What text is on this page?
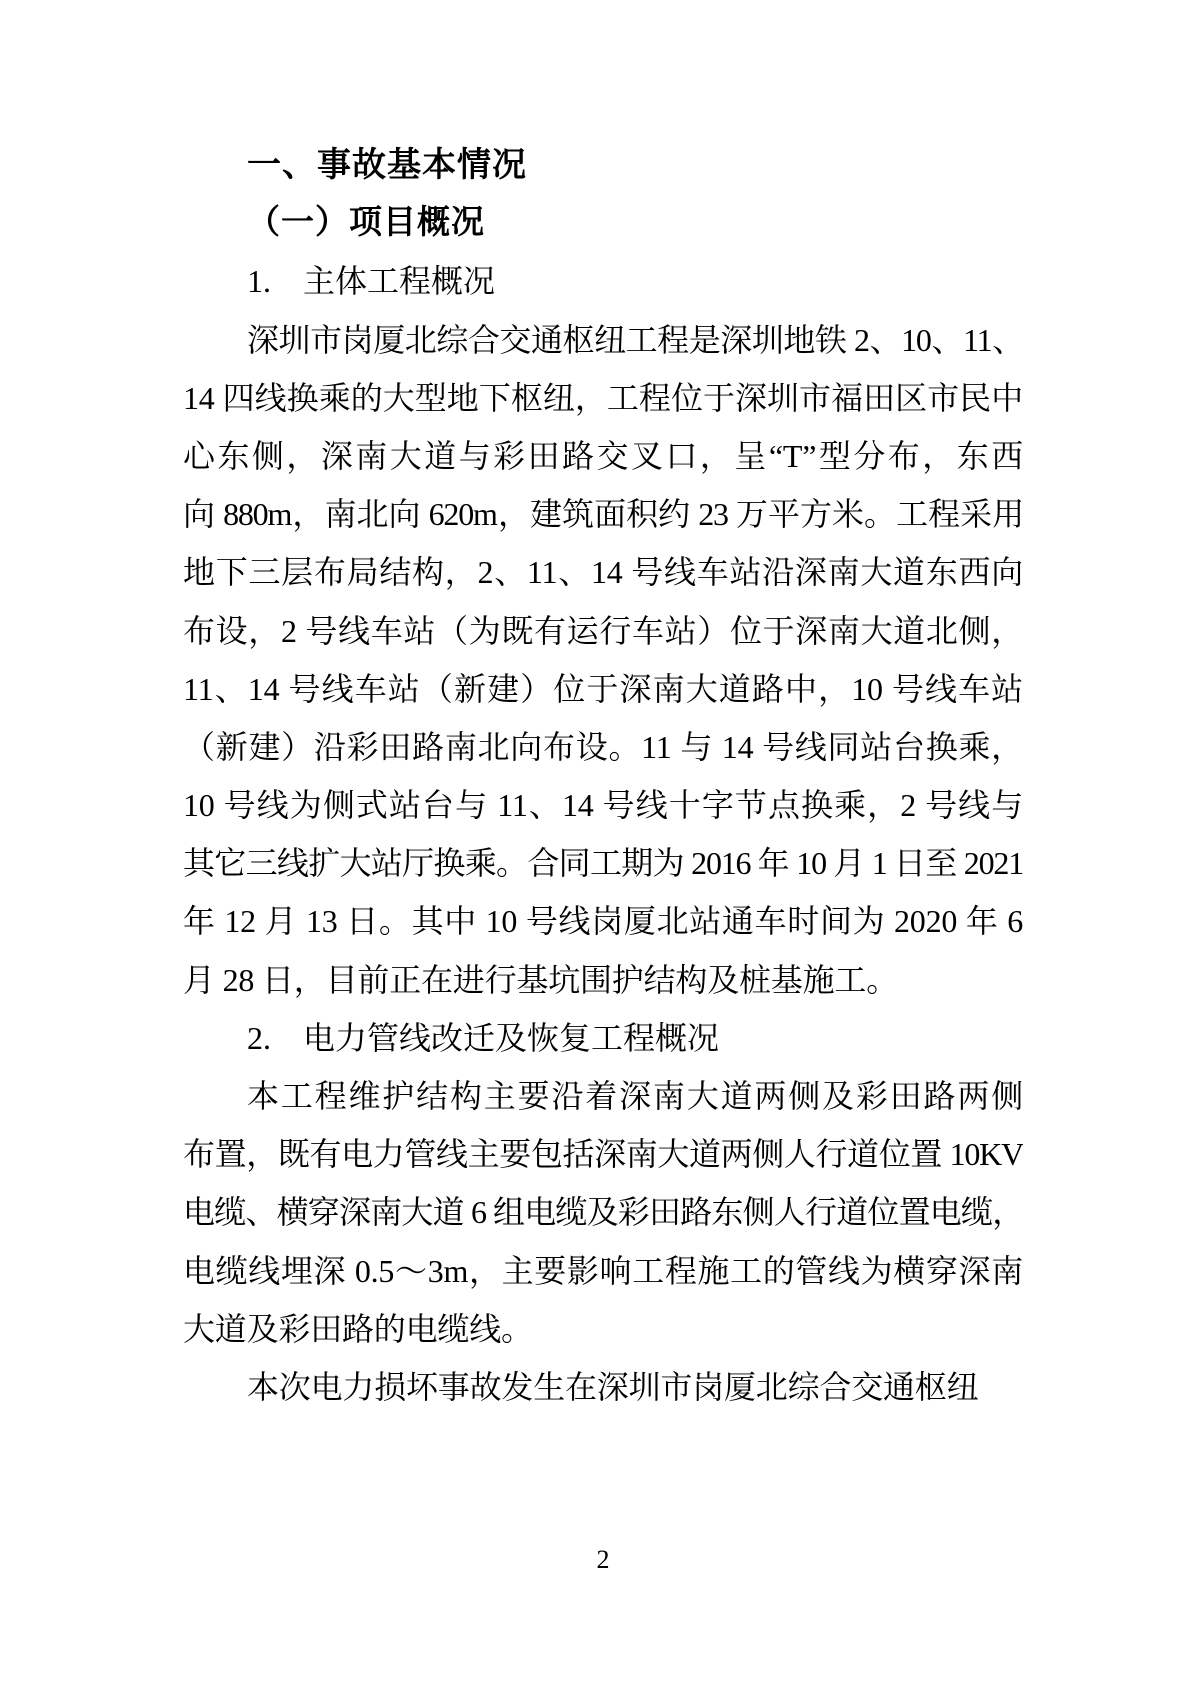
一、事故基本情况
（一）项目概况
1.　主体工程概况
深圳市岗厦北综合交通枢纽工程是深圳地铁 2、10、11、
14 四线换乘的大型地下枢纽，工程位于深圳市福田区市民中
心东侧，深南大道与彩田路交叉口，呈“T”型分布，东西
向 880m，南北向 620m，建筑面积约 23 万平方米。工程采用
地下三层布局结构，2、11、14 号线车站沿深南大道东西向
布设，2 号线车站（为既有运行车站）位于深南大道北侧，
11、14 号线车站（新建）位于深南大道路中，10 号线车站
（新建）沿彩田路南北向布设。11 与 14 号线同站台换乘，
10 号线为侧式站台与 11、14 号线十字节点换乘，2 号线与
其它三线扩大站厅换乘。合同工期为 2016 年 10 月 1 日至 2021
年 12 月 13 日。其中 10 号线岗厦北站通车时间为 2020 年 6
月 28 日，目前正在进行基坑围护结构及桩基施工。
2.　电力管线改迁及恢复工程概况
本工程维护结构主要沿着深南大道两侧及彩田路两侧
布置，既有电力管线主要包括深南大道两侧人行道位置 10KV
电缆、横穿深南大道 6 组电缆及彩田路东侧人行道位置电缆，
电缆线埋深 0.5～3m，主要影响工程施工的管线为横穿深南
大道及彩田路的电缆线。
本次电力损坏事故发生在深圳市岗厦北综合交通枢纽
2
